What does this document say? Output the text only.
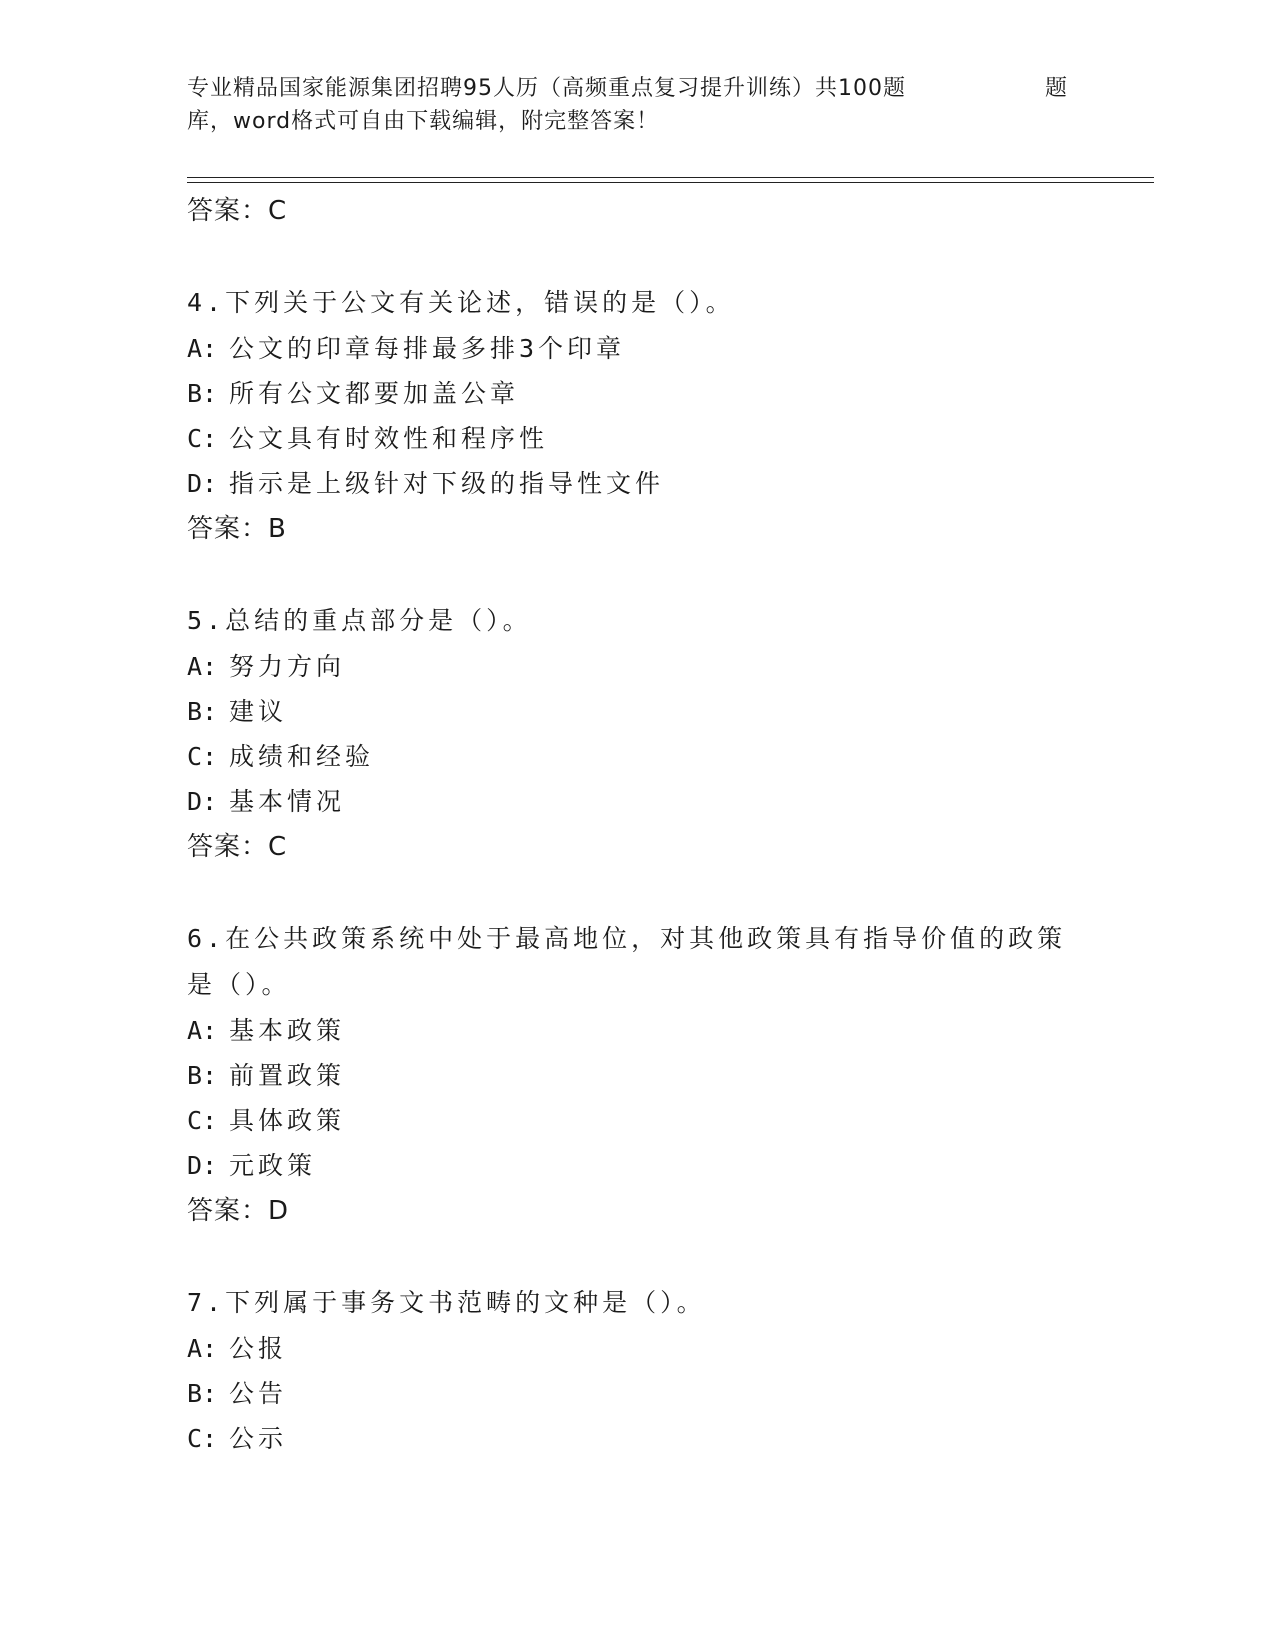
专业精品国家能源集团招聘95人历（高频重点复习提升训练）共100题	题
库，word格式可自由下载编辑，附完整答案！
答案：C
4.下列关于公文有关论述，错误的是（）。
A: 公文的印章每排最多排3个印章
B: 所有公文都要加盖公章
C: 公文具有时效性和程序性
D: 指示是上级针对下级的指导性文件
答案：B
5.总结的重点部分是（）。
A: 努力方向
B: 建议
C: 成绩和经验
D: 基本情况
答案：C
6.在公共政策系统中处于最高地位，对其他政策具有指导价值的政策是（）。
A: 基本政策
B: 前置政策
C: 具体政策
D: 元政策
答案：D
7.下列属于事务文书范畴的文种是（）。
A: 公报
B: 公告
C: 公示
